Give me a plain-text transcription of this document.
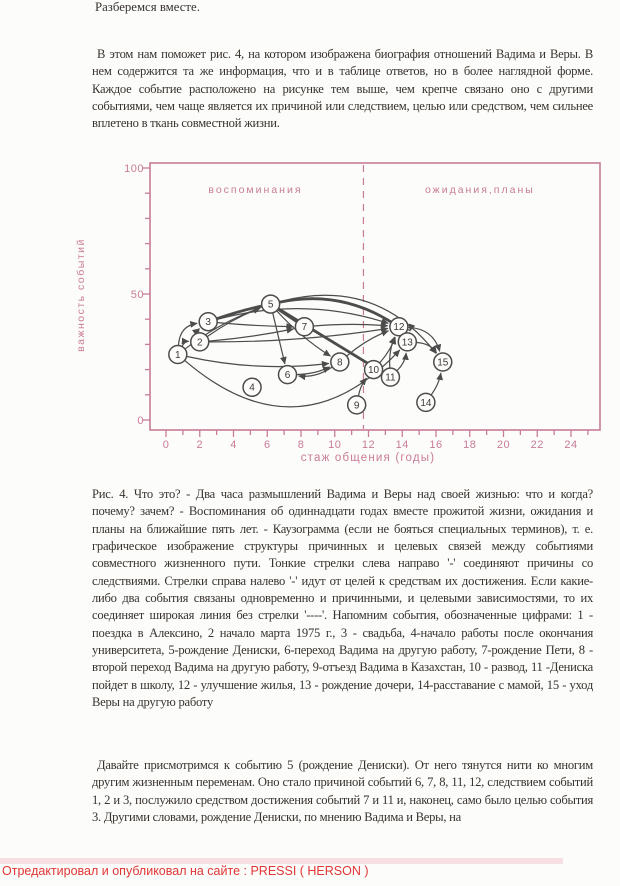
Разберемся вместе.

В этом нам поможет рис. 4, на котором изображена биография отношений Вадима и Веры. В нем содержится та же информация, что и в таблице ответов, но в более наглядной форме. Каждое событие расположено на рисунке тем выше, чем крепче связано оно с другими событиями, чем чаще является их причиной или следствием, целью или средством, чем сильнее вплетено в ткань совместной жизни.

100
50
0
0 2 4 6 8 10 12 14 16 18 20 22 24
стаж общения (годы)
важность событий
воспоминания	ожидания,планы
1
2
3
4
5
6
7
8
9
10
11
12
13
14
15

Рис. 4. Что это? - Два часа размышлений Вадима и Веры над своей жизнью: что и когда? почему? зачем? - Воспоминания об одиннадцати годах вместе прожитой жизни, ожидания и планы на ближайшие пять лет. - Каузограмма (если не бояться специальных терминов), т. е. графическое изображение структуры причинных и целевых связей между событиями совместного жизненного пути. Тонкие стрелки слева направо '-' соединяют причины со следствиями. Стрелки справа налево '-' идут от целей к средствам их достижения. Если какие-либо два события связаны одновременно и причинными, и целевыми зависимостями, то их соединяет широкая линия без стрелки '----'. Напомним события, обозначенные цифрами: 1 - поездка в Алексино, 2 начало марта 1975 г., 3 - свадьба, 4-начало работы после окончания университета, 5-рождение Дениски, 6-переход Вадима на другую работу, 7-рождение Пети, 8 - второй переход Вадима на другую работу, 9-отъезд Вадима в Казахстан, 10 - развод, 11 -Дениска пойдет в школу, 12 - улучшение жилья, 13 - рождение дочери, 14-расставание с мамой, 15 - уход Веры на другую работу

Давайте присмотримся к событию 5 (рождение Дениски). От него тянутся нити ко многим другим жизненным переменам. Оно стало причиной событий 6, 7, 8, 11, 12, следствием событий 1, 2 и 3, послужило средством достижения событий 7 и 11 и, наконец, само было целью события 3. Другими словами, рождение Дениски, по мнению Вадима и Веры, на

Отредактировал и опубликовал на сайте : PRESSI ( HERSON )
